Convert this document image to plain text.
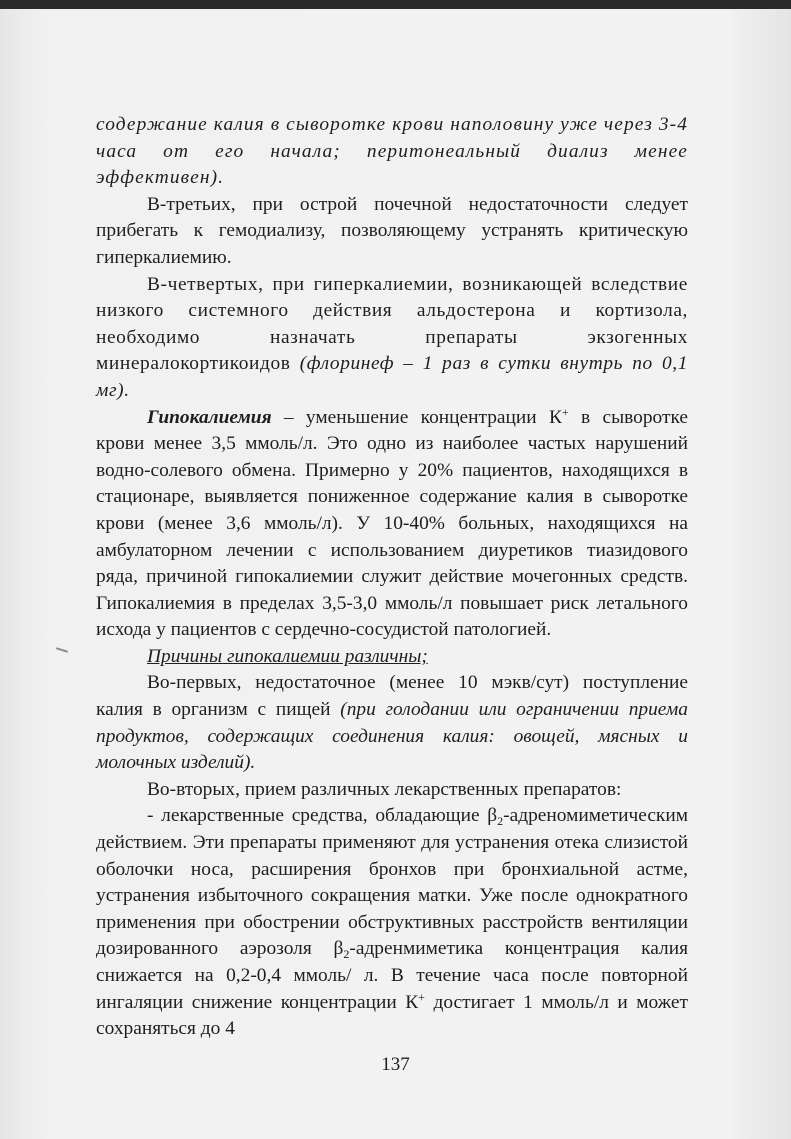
содержание калия в сыворотке крови наполовину уже через 3-4 часа от его начала; перитонеальный диализ менее эффективен).

В-третьих, при острой почечной недостаточности следует прибегать к гемодиализу, позволяющему устранять критическую гиперкалиемию.

В-четвертых, при гиперкалиемии, возникающей вследствие низкого системного действия альдостерона и кортизола, необходимо назначать препараты экзогенных минералокортикоидов (флоринеф – 1 раз в сутки внутрь по 0,1 мг).

Гипокалиемия – уменьшение концентрации К+ в сыворотке крови менее 3,5 ммоль/л. Это одно из наиболее частых нарушений водно-солевого обмена. Примерно у 20% пациентов, находящихся в стационаре, выявляется пониженное содержание калия в сыворотке крови (менее 3,6 ммоль/л). У 10-40% больных, находящихся на амбулаторном лечении с использованием диуретиков тиазидового ряда, причиной гипокалиемии служит действие мочегонных средств. Гипокалиемия в пределах 3,5-3,0 ммоль/л повышает риск летального исхода у пациентов с сердечно-сосудистой патологией.

Причины гипокалиемии различны;

Во-первых, недостаточное (менее 10 мэкв/сут) поступление калия в организм с пищей (при голодании или ограничении приема продуктов, содержащих соединения калия: овощей, мясных и молочных изделий).

Во-вторых, прием различных лекарственных препаратов:

- лекарственные средства, обладающие $\beta_2$-адреномиметическим действием. Эти препараты применяют для устранения отека слизистой оболочки носа, расширения бронхов при бронхиальной астме, устранения избыточного сокращения матки. Уже после однократного применения при обострении обструктивных расстройств вентиляции дозированного аэрозоля $\beta_2$-адренмиметика концентрация калия снижается на 0,2-0,4 ммоль/ л. В течение часа после повторной ингаляции снижение концентрации К+ достигает 1 ммоль/л и может сохраняться до 4

137
